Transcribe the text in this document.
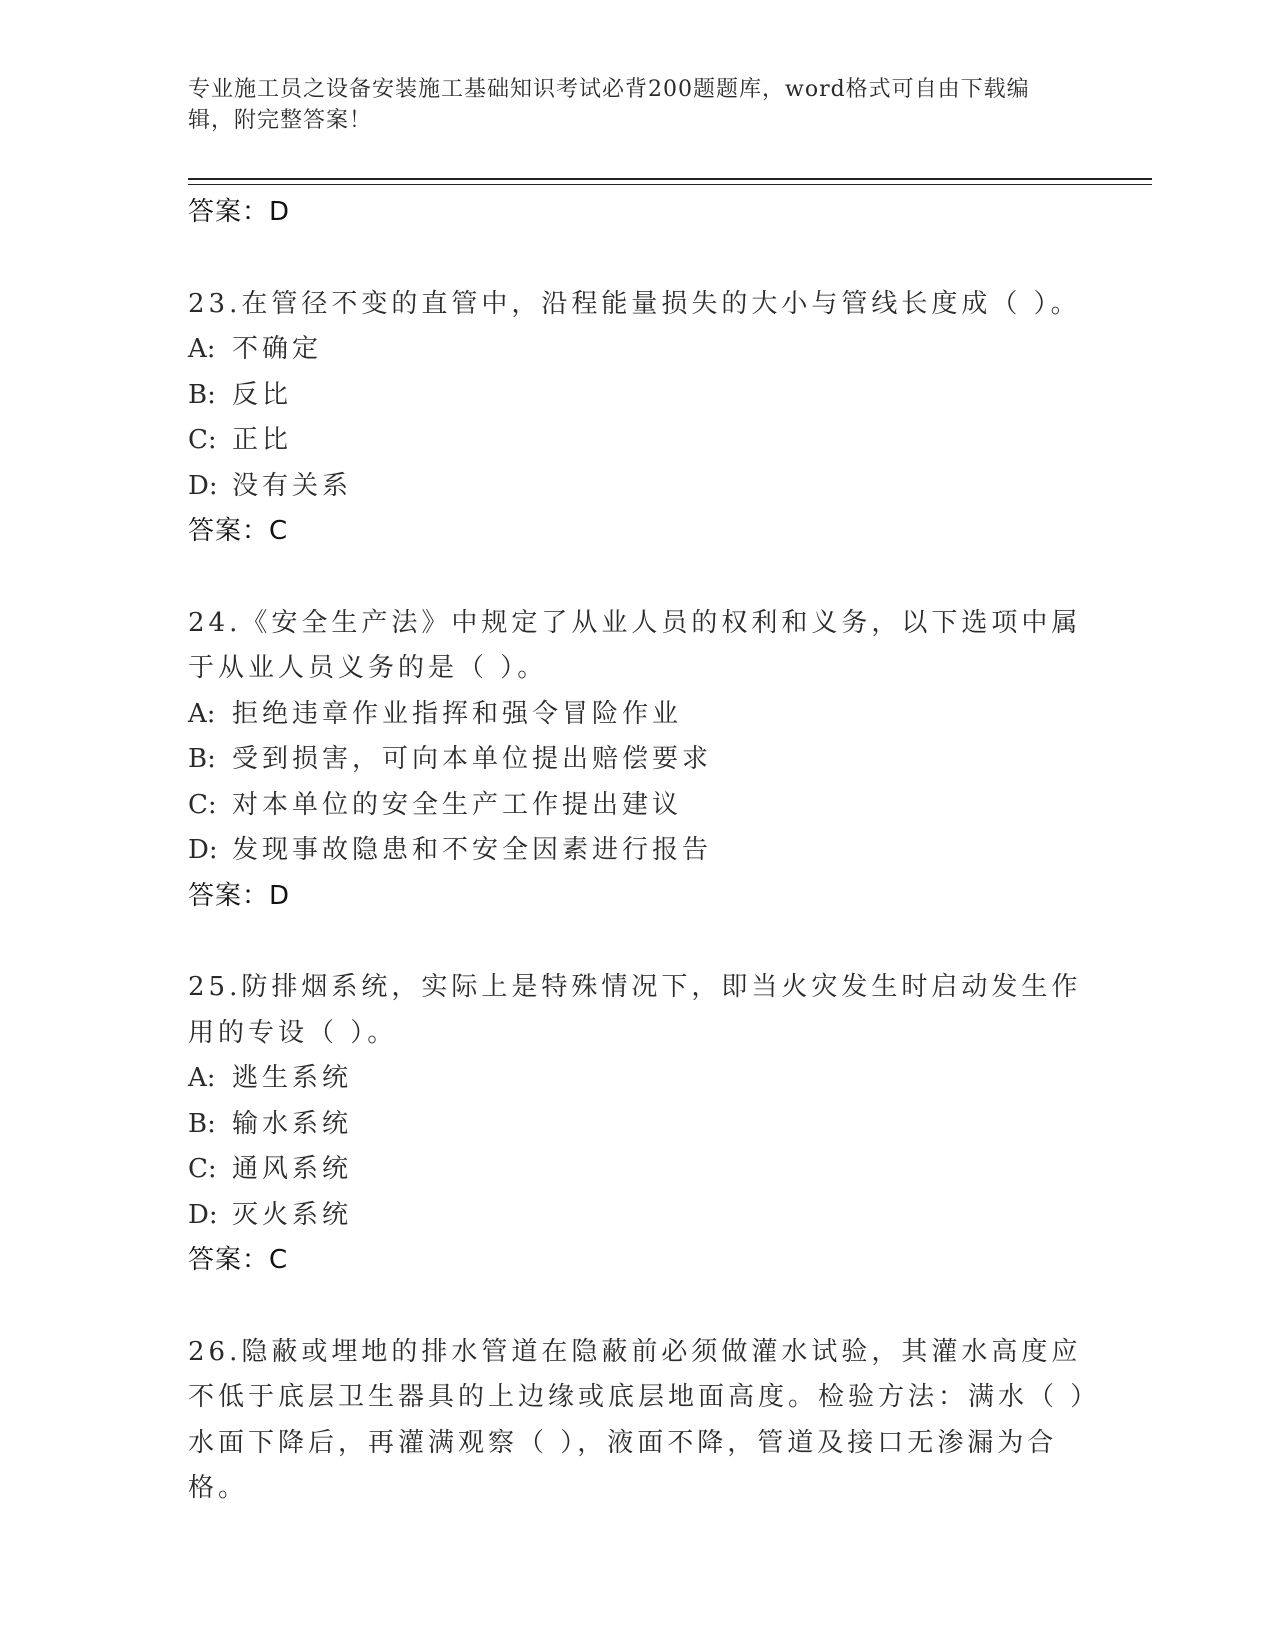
专业施工员之设备安装施工基础知识考试必背200题题库，word格式可自由下载编辑，附完整答案！
答案：D
23.在管径不变的直管中，沿程能量损失的大小与管线长度成（ ）。
A: 不确定
B: 反比
C: 正比
D: 没有关系
答案：C
24.《安全生产法》中规定了从业人员的权利和义务，以下选项中属于从业人员义务的是（ ）。
A: 拒绝违章作业指挥和强令冒险作业
B: 受到损害，可向本单位提出赔偿要求
C: 对本单位的安全生产工作提出建议
D: 发现事故隐患和不安全因素进行报告
答案：D
25.防排烟系统，实际上是特殊情况下，即当火灾发生时启动发生作用的专设（ ）。
A: 逃生系统
B: 输水系统
C: 通风系统
D: 灭火系统
答案：C
26.隐蔽或埋地的排水管道在隐蔽前必须做灌水试验，其灌水高度应不低于底层卫生器具的上边缘或底层地面高度。检验方法：满水（ ）水面下降后，再灌满观察（ ），液面不降，管道及接口无渗漏为合格。
